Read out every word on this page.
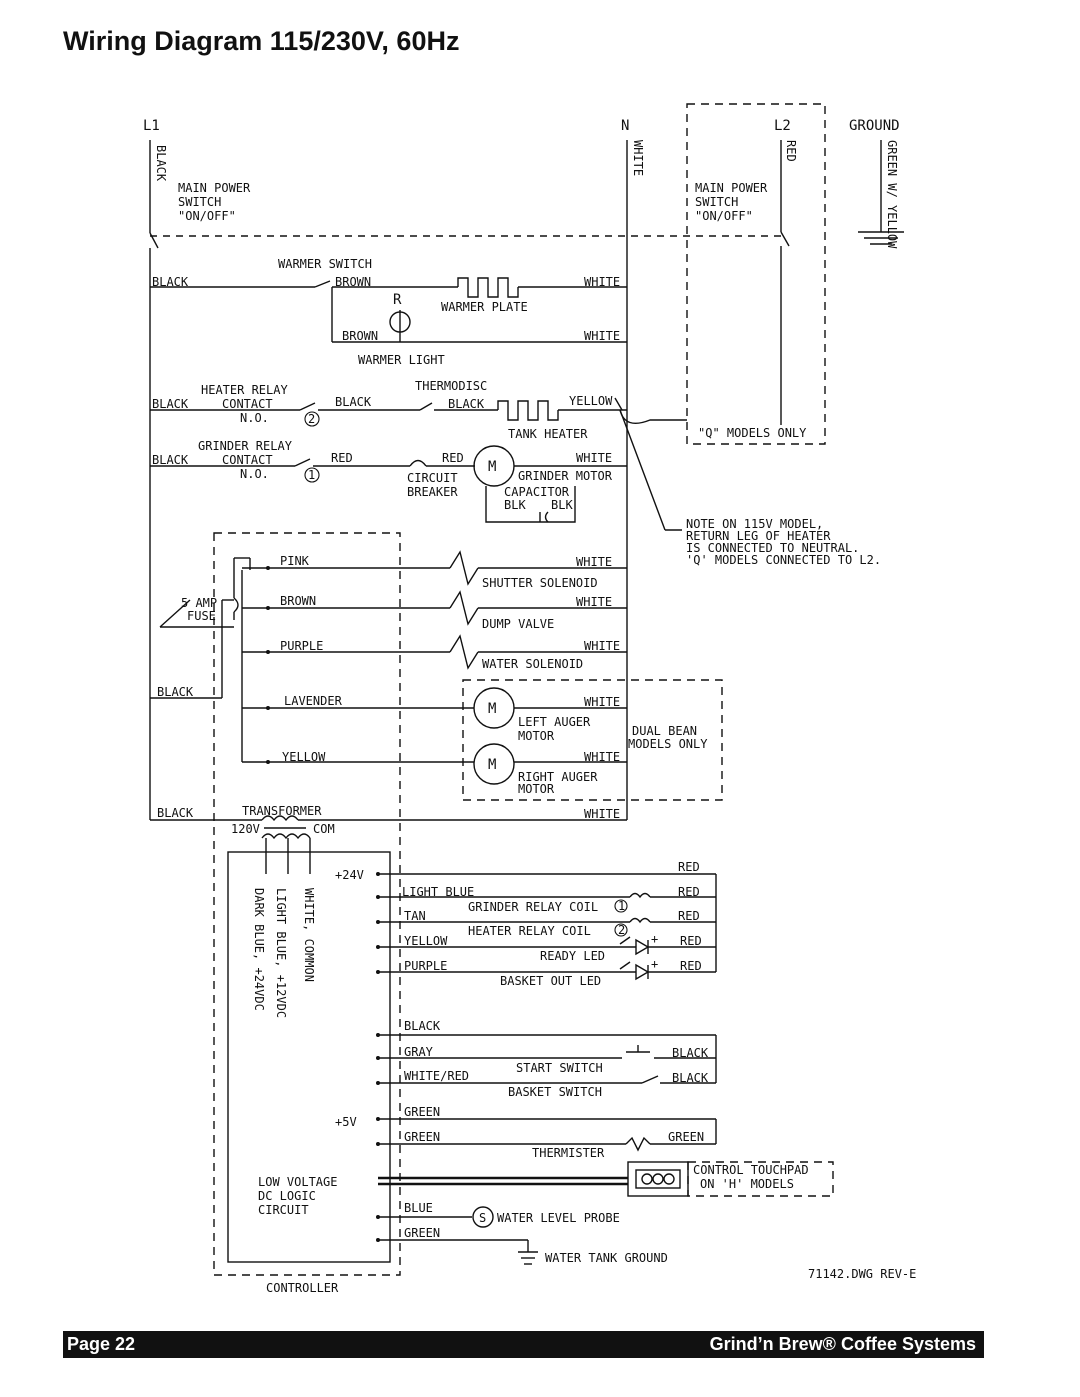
Wiring Diagram 115/230V, 60Hz
L1	N	L2	GROUND
BLACK	WHITE	RED	GREEN W/ YELLOW
MAIN POWER
SWITCH
"ON/OFF"
MAIN POWER
SWITCH
"ON/OFF"
WARMER SWITCH
BLACK	BROWN	WHITE
R	WARMER PLATE
BROWN	WHITE
WARMER LIGHT
HEATER RELAY	THERMODISC
BLACK	CONTACT	BLACK	BLACK	YELLOW
N.O.	2
TANK HEATER	"Q" MODELS ONLY
GRINDER RELAY
BLACK	CONTACT	RED	RED	WHITE
N.O.	1	M
CIRCUIT
BREAKER
GRINDER MOTOR
CAPACITOR
BLK BLK
NOTE ON 115V MODEL,
RETURN LEG OF HEATER
IS CONNECTED TO NEUTRAL.
'Q' MODELS CONNECTED TO L2.
PINK	WHITE
SHUTTER SOLENOID
5 AMP
FUSE
BROWN	WHITE
DUMP VALVE
PURPLE	WHITE
WATER SOLENOID
BLACK
LAVENDER	WHITE
M
LEFT AUGER
MOTOR	DUAL BEAN
MODELS ONLY
YELLOW	WHITE
M
RIGHT AUGER
MOTOR
BLACK	TRANSFORMER	WHITE
120V	COM
+24V
DARK BLUE, +24VDC LIGHT BLUE, +12VDC WHITE, COMMON
RED
LIGHT BLUE	RED
GRINDER RELAY COIL 1
TAN	RED
HEATER RELAY COIL 2
YELLOW	+ RED
READY LED
PURPLE	+ RED
BASKET OUT LED
BLACK
GRAY	BLACK
START SWITCH
WHITE/RED	BLACK
BASKET SWITCH
GREEN
+5V
GREEN	GREEN
THERMISTER
CONTROL TOUCHPAD
ON 'H' MODELS
LOW VOLTAGE
DC LOGIC
CIRCUIT	BLUE
S WATER LEVEL PROBE
GREEN
WATER TANK GROUND
71142.DWG REV-E
CONTROLLER
Page 22	Grind’n Brew® Coffee Systems
